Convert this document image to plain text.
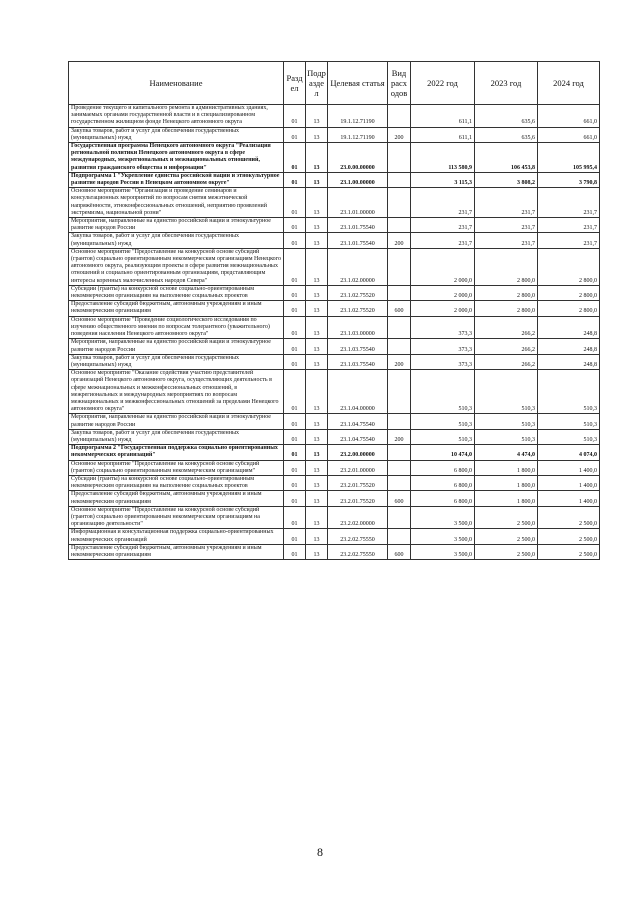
Наименование	Разд ел	Подр азде л	Целевая статья	Вид расх одов	2022 год	2023 год	2024 год
Проведение текущего и капитального ремонта в административных зданиях, занимаемых органами государственной власти и в специализированном государственном жилищном фонде Ненецкого автономного округа	01	13	19.1.12.71190		611,1	635,6	661,0
Закупка товаров, работ и услуг для обеспечения государственных (муниципальных) нужд	01	13	19.1.12.71190	200	611,1	635,6	661,0
Государственная программа Ненецкого автономного округа "Реализация региональной политики Ненецкого автономного округа в сфере международных, межрегиональных и межнациональных отношений, развития гражданского общества и информации"	01	13	23.0.00.00000		113 580,9	106 453,8	105 995,4
Подпрограмма 1 "Укрепление единства российской нации и этнокультурное развитие народов России в Ненецком автономном округе"	01	13	23.1.00.00000		3 115,3	3 808,2	3 790,8
Основное мероприятие "Организация и проведение семинаров и консультационных мероприятий по вопросам снятия межэтнической напряжённости, этноконфессиональных отношений, неприятию проявлений экстремизма, национальной розни"	01	13	23.1.01.00000		231,7	231,7	231,7
Мероприятия, направленные на единство российской нации и этнокультурное развитие народов России	01	13	23.1.01.75540		231,7	231,7	231,7
Закупка товаров, работ и услуг для обеспечения государственных (муниципальных) нужд	01	13	23.1.01.75540	200	231,7	231,7	231,7
Основное мероприятие "Предоставление на конкурсной основе субсидий (грантов) социально ориентированным некоммерческим организациям Ненецкого автономного округа, реализующим проекты в сфере развития межнациональных отношений и социально ориентированным организациям, представляющим интересы коренных малочисленных народов Севера"	01	13	23.1.02.00000		2 000,0	2 800,0	2 800,0
Субсидии (гранты) на конкурсной основе социально-ориентированным некоммерческим организациям на выполнение социальных проектов	01	13	23.1.02.75520		2 000,0	2 800,0	2 800,0
Предоставление субсидий бюджетным, автономным учреждениям и иным некоммерческим организациям	01	13	23.1.02.75520	600	2 000,0	2 800,0	2 800,0
Основное мероприятие "Проведение социологического исследования по изучению общественного мнения по вопросам толерантного (уважительного) поведения населения Ненецкого автономного округа"	01	13	23.1.03.00000		373,3	266,2	248,8
Мероприятия, направленные на единство российской нации и этнокультурное развитие народов России	01	13	23.1.03.75540		373,3	266,2	248,8
Закупка товаров, работ и услуг для обеспечения государственных (муниципальных) нужд	01	13	23.1.03.75540	200	373,3	266,2	248,8
Основное мероприятие "Оказание содействия участию представителей организаций Ненецкого автономного округа, осуществляющих деятельность в сфере межнациональных и межконфессиональных отношений, в межрегиональных и международных мероприятиях по вопросам межнациональных и межконфессиональных отношений за пределами Ненецкого автономного округа"	01	13	23.1.04.00000		510,3	510,3	510,3
Мероприятия, направленные на единство российской нации и этнокультурное развитие народов России	01	13	23.1.04.75540		510,3	510,3	510,3
Закупка товаров, работ и услуг для обеспечения государственных (муниципальных) нужд	01	13	23.1.04.75540	200	510,3	510,3	510,3
Подпрограмма 2 "Государственная поддержка социально ориентированных некоммерческих организаций"	01	13	23.2.00.00000		10 474,0	4 474,0	4 074,0
Основное мероприятие "Предоставление на конкурсной основе субсидий (грантов) социально ориентированным некоммерческим организациям"	01	13	23.2.01.00000		6 800,0	1 800,0	1 400,0
Субсидии (гранты) на конкурсной основе социально-ориентированным некоммерческим организациям на выполнение социальных проектов	01	13	23.2.01.75520		6 800,0	1 800,0	1 400,0
Предоставление субсидий бюджетным, автономным учреждениям и иным некоммерческим организациям	01	13	23.2.01.75520	600	6 800,0	1 800,0	1 400,0
Основное мероприятие "Предоставление на конкурсной основе субсидий (грантов) социально ориентированным некоммерческим организациям на организацию деятельности"	01	13	23.2.02.00000		3 500,0	2 500,0	2 500,0
Информационная и консультационная поддержка социально-ориентированных некоммерческих организаций	01	13	23.2.02.75550		3 500,0	2 500,0	2 500,0
Предоставление субсидий бюджетным, автономным учреждениям и иным некоммерческим организациям	01	13	23.2.02.75550	600	3 500,0	2 500,0	2 500,0
8
